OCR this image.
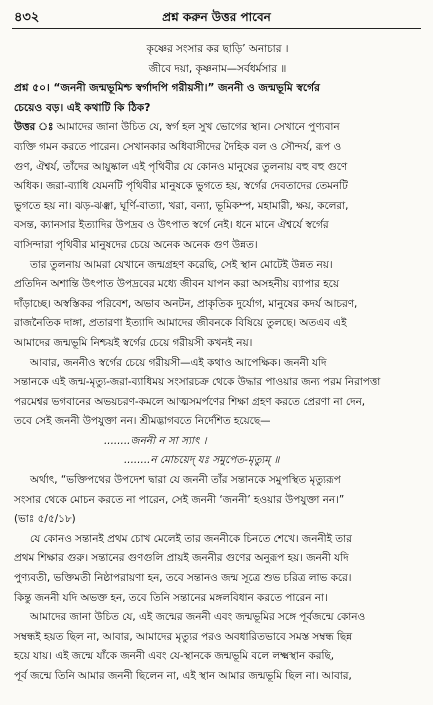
৪৩২	প্রশ্ন করুন উত্তর পাবেন

কৃষ্ণের সংসার কর ছাড়ি’ অনাচার ।

জীবে দয়া, কৃষ্ণনাম—সর্বধর্মসার ॥

প্রশ্ন ৫০। “জননী জন্মভূমিশ্চ স্বর্গাদপি গরীয়সী।” জননী ও জন্মভূমি স্বর্গের

চেয়েও বড়। এই কথাটি কি ঠিক?

উত্তর ঃ আমাদের জানা উচিত যে, স্বর্গ হল সুখ ভোগের স্থান। সেখানে পুণ্যবান

ব্যক্তি গমন করতে পারেন। সেখানকার অধিবাসীদের দৈহিক বল ও সৌন্দর্য, রূপ ও

গুণ, ঐশ্বর্য, তাঁদের আয়ুষ্কাল এই পৃথিবীর যে কোনও মানুষের তুলনায় বহু বহু গুণে

অধিক। জরা-ব্যাধি যেমনটি পৃথিবীর মানুষকে ভুগতে হয়, স্বর্গের দেবতাদের তেমনটি

ভুগতে হয় না। ঝড়-ঝঞ্ঝা, ঘূর্ণি-বাত্যা, খরা, বন্যা, ভূমিকম্প, মহামারী, ক্ষয়, কলেরা,

বসন্ত, ক্যানসার ইত্যাদির উপদ্রব ও উৎপাত স্বর্গে নেই। ধনে মানে ঐশ্বর্যে স্বর্গের

বাসিন্দারা পৃথিবীর মানুষদের চেয়ে অনেক অনেক গুণ উন্নত।

তার তুলনায় আমরা যেখানে জন্মগ্রহণ করেছি, সেই স্থান মোটেই উন্নত নয়।

প্রতিদিন অশান্তি উৎপাত উপদ্রবের মধ্যে জীবন যাপন করা অসহনীয় ব্যাপার হয়ে

দাঁড়াচ্ছে। অস্বস্তিকর পরিবেশ, অভাব অনটন, প্রাকৃতিক দুর্যোগ, মানুষের কদর্য আচরণ,

রাজনৈতিক দাঙ্গা, প্রতারণা ইত্যাদি আমাদের জীবনকে বিষিয়ে তুলছে। অতএব এই

আমাদের জন্মভূমি নিশ্চয়ই স্বর্গের চেয়ে গরীয়সী কখনই নয়।

আবার, জননীও স্বর্গের চেয়ে গরীয়সী—এই কথাও আপেক্ষিক। জননী যদি

সন্তানকে এই জন্ম-মৃত্যু-জরা-ব্যাধিময় সংসারচক্র থেকে উদ্ধার পাওয়ার জন্য পরম নিরাপত্তা

পরমেশ্বর ভগবানের অভয়চরণ-কমলে আত্মসমর্পণের শিক্ষা গ্রহণ করতে প্রেরণা না দেন,

তবে সেই জননী উপযুক্তা নন। শ্রীমদ্ভাগবতে নির্দেশিত হয়েছে—

........জননী ন সা স্যাৎ ।

........ন মোচয়েদ্ যঃ সমুপেত-মৃত্যুম্ ॥

অর্থাৎ, “ভক্তিপথের উপদেশ দ্বারা যে জননী তাঁর সন্তানকে সমুপস্থিত মৃত্যুরূপ

সংসার থেকে মোচন করতে না পারেন, সেই জননী ‘জননী’ হওয়ার উপযুক্তা নন।”

(ভাঃ ৫/৫/১৮)

যে কোনও সন্তানই প্রথম চোখ মেলেই তার জননীকে চিনতে শেখে। জননীই তার

প্রথম শিক্ষার গুরু। সন্তানের গুণগুলি প্রায়ই জননীর গুণের অনুরূপ হয়। জননী যদি

পুণ্যবতী, ভক্তিমতী নিষ্ঠাপরায়ণা হন, তবে সন্তানও জন্ম সূত্রে শুভ চরিত্র লাভ করে।

কিন্তু জননী যদি অভক্ত হন, তবে তিনি সন্তানের মঙ্গলবিধান করতে পারেন না।

আমাদের জানা উচিত যে, এই জন্মের জননী এবং জন্মভূমির সঙ্গে পূর্বজন্মে কোনও

সম্বন্ধই হয়ত ছিল না, আবার, আমাদের মৃত্যুর পরও অবধারিতভাবে সমস্ত সম্বন্ধ ছিন্ন

হয়ে যায়। এই জন্মে যাঁকে জননী এবং যে-স্থানকে জন্মভূমি বলে লক্ষ্মস্থান করছি,

পূর্ব জন্মে তিনি আমার জননী ছিলেন না, এই স্থান আমার জন্মভূমি ছিল না। আবার,
